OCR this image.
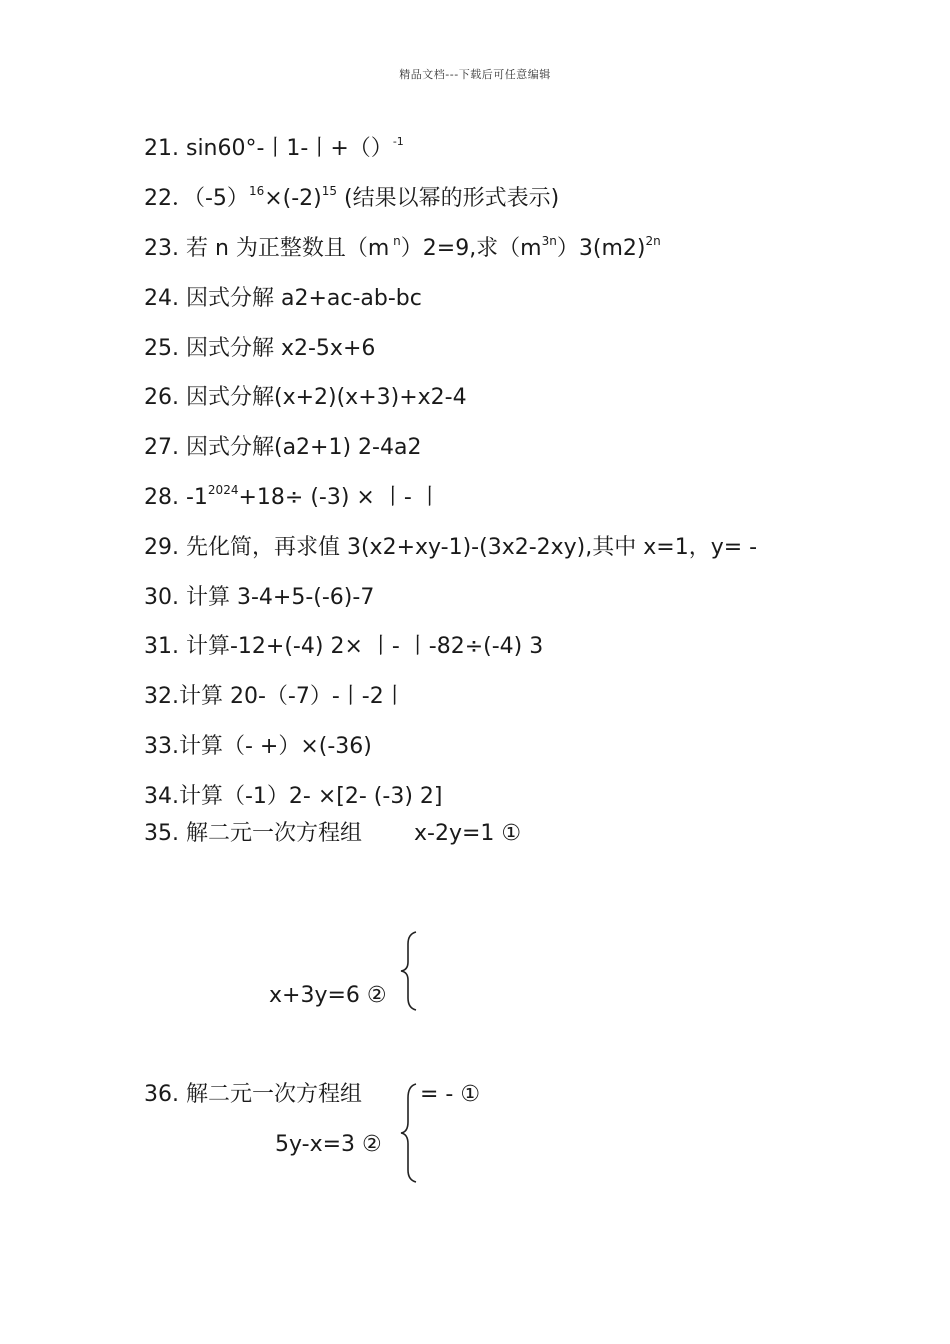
精品文档---下载后可任意编辑
21. sin60°-丨1-丨+（）$^{-1}$
22．$(-5)^{16}\times(-2)^{15}$ (结果以幂的形式表示)
23. 若 n 为正整数且（m $^n$）2=9,求$(m^{3n})3(m2)^{2n}$
24. 因式分解 a2+ac-ab-bc
25. 因式分解 x2-5x+6
26. 因式分解(x+2)(x+3)+x2-4
27. 因式分解(a2+1) 2-4a2
28. $-1^{2024}+18\div (-3)$ × 丨- 丨
29. 先化简，再求值 3(x2+xy-1)-(3x2-2xy),其中 x=1，y= -
30. 计算 3-4+5-(-6)-7
31. 计算-12+(-4) 2× 丨- 丨-82÷(-4) 3
32.计算 20-（-7）-丨-2丨
33.计算（- +）×(-36)
34.计算（-1）2- ×[2- (-3) 2]
35. 解二元一次方程组 x-2y=1 ①
x+3y=6 ②
36. 解二元一次方程组	= - ①
5y-x=3 ②
